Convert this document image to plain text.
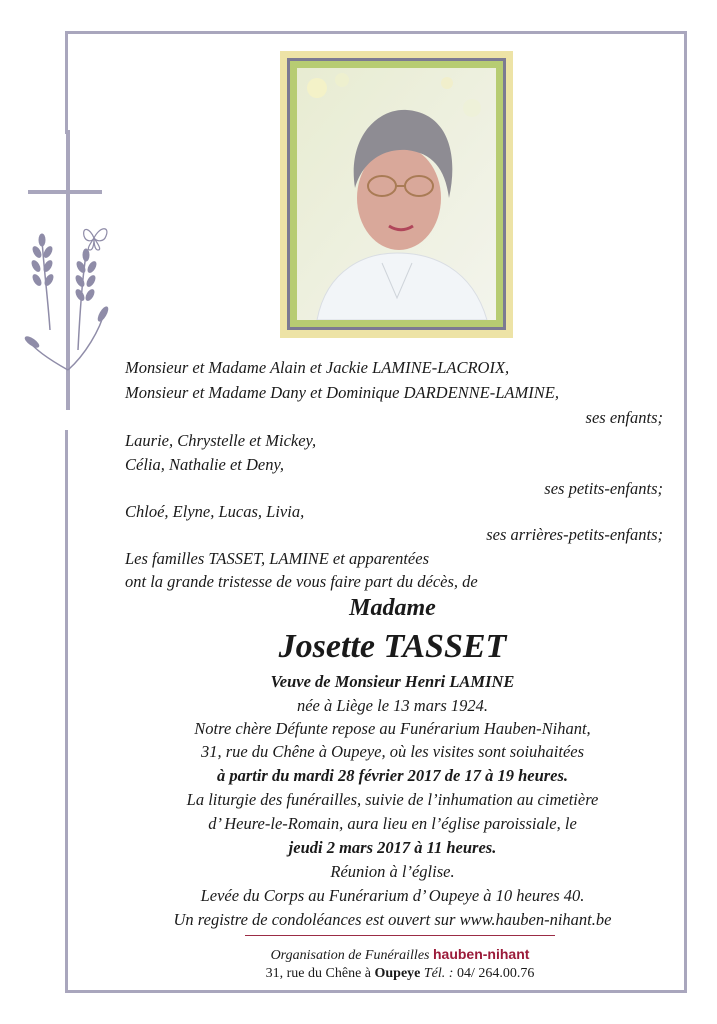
Monsieur et Madame Alain et Jackie LAMINE-LACROIX,
Monsieur et Madame Dany et Dominique DARDENNE-LAMINE,
ses enfants;
Laurie, Chrystelle et Mickey,
Célia, Nathalie et Deny,
ses petits-enfants;
Chloé, Elyne, Lucas, Livia,
ses arrières-petits-enfants;
Les familles TASSET, LAMINE et apparentées
ont la grande tristesse de vous faire part du décès, de
Madame
Josette TASSET
Veuve de Monsieur Henri LAMINE
née à Liège le 13 mars 1924.
Notre chère Défunte repose au Funérarium Hauben-Nihant,
31, rue du Chêne à Oupeye, où les visites sont soiuhaitées
à partir du mardi 28 février 2017 de 17 à 19 heures.
La liturgie des funérailles, suivie de l’inhumation au cimetière
d’ Heure-le-Romain, aura lieu en l’église paroissiale, le
jeudi 2 mars 2017 à 11 heures.
Réunion à l’église.
Levée du Corps au Funérarium d’ Oupeye à 10 heures 40.
Un registre de condoléances est ouvert sur www.hauben-nihant.be
Organisation de Funérailles hauben-nihant
31, rue du Chêne à Oupeye Tél. : 04/ 264.00.76
